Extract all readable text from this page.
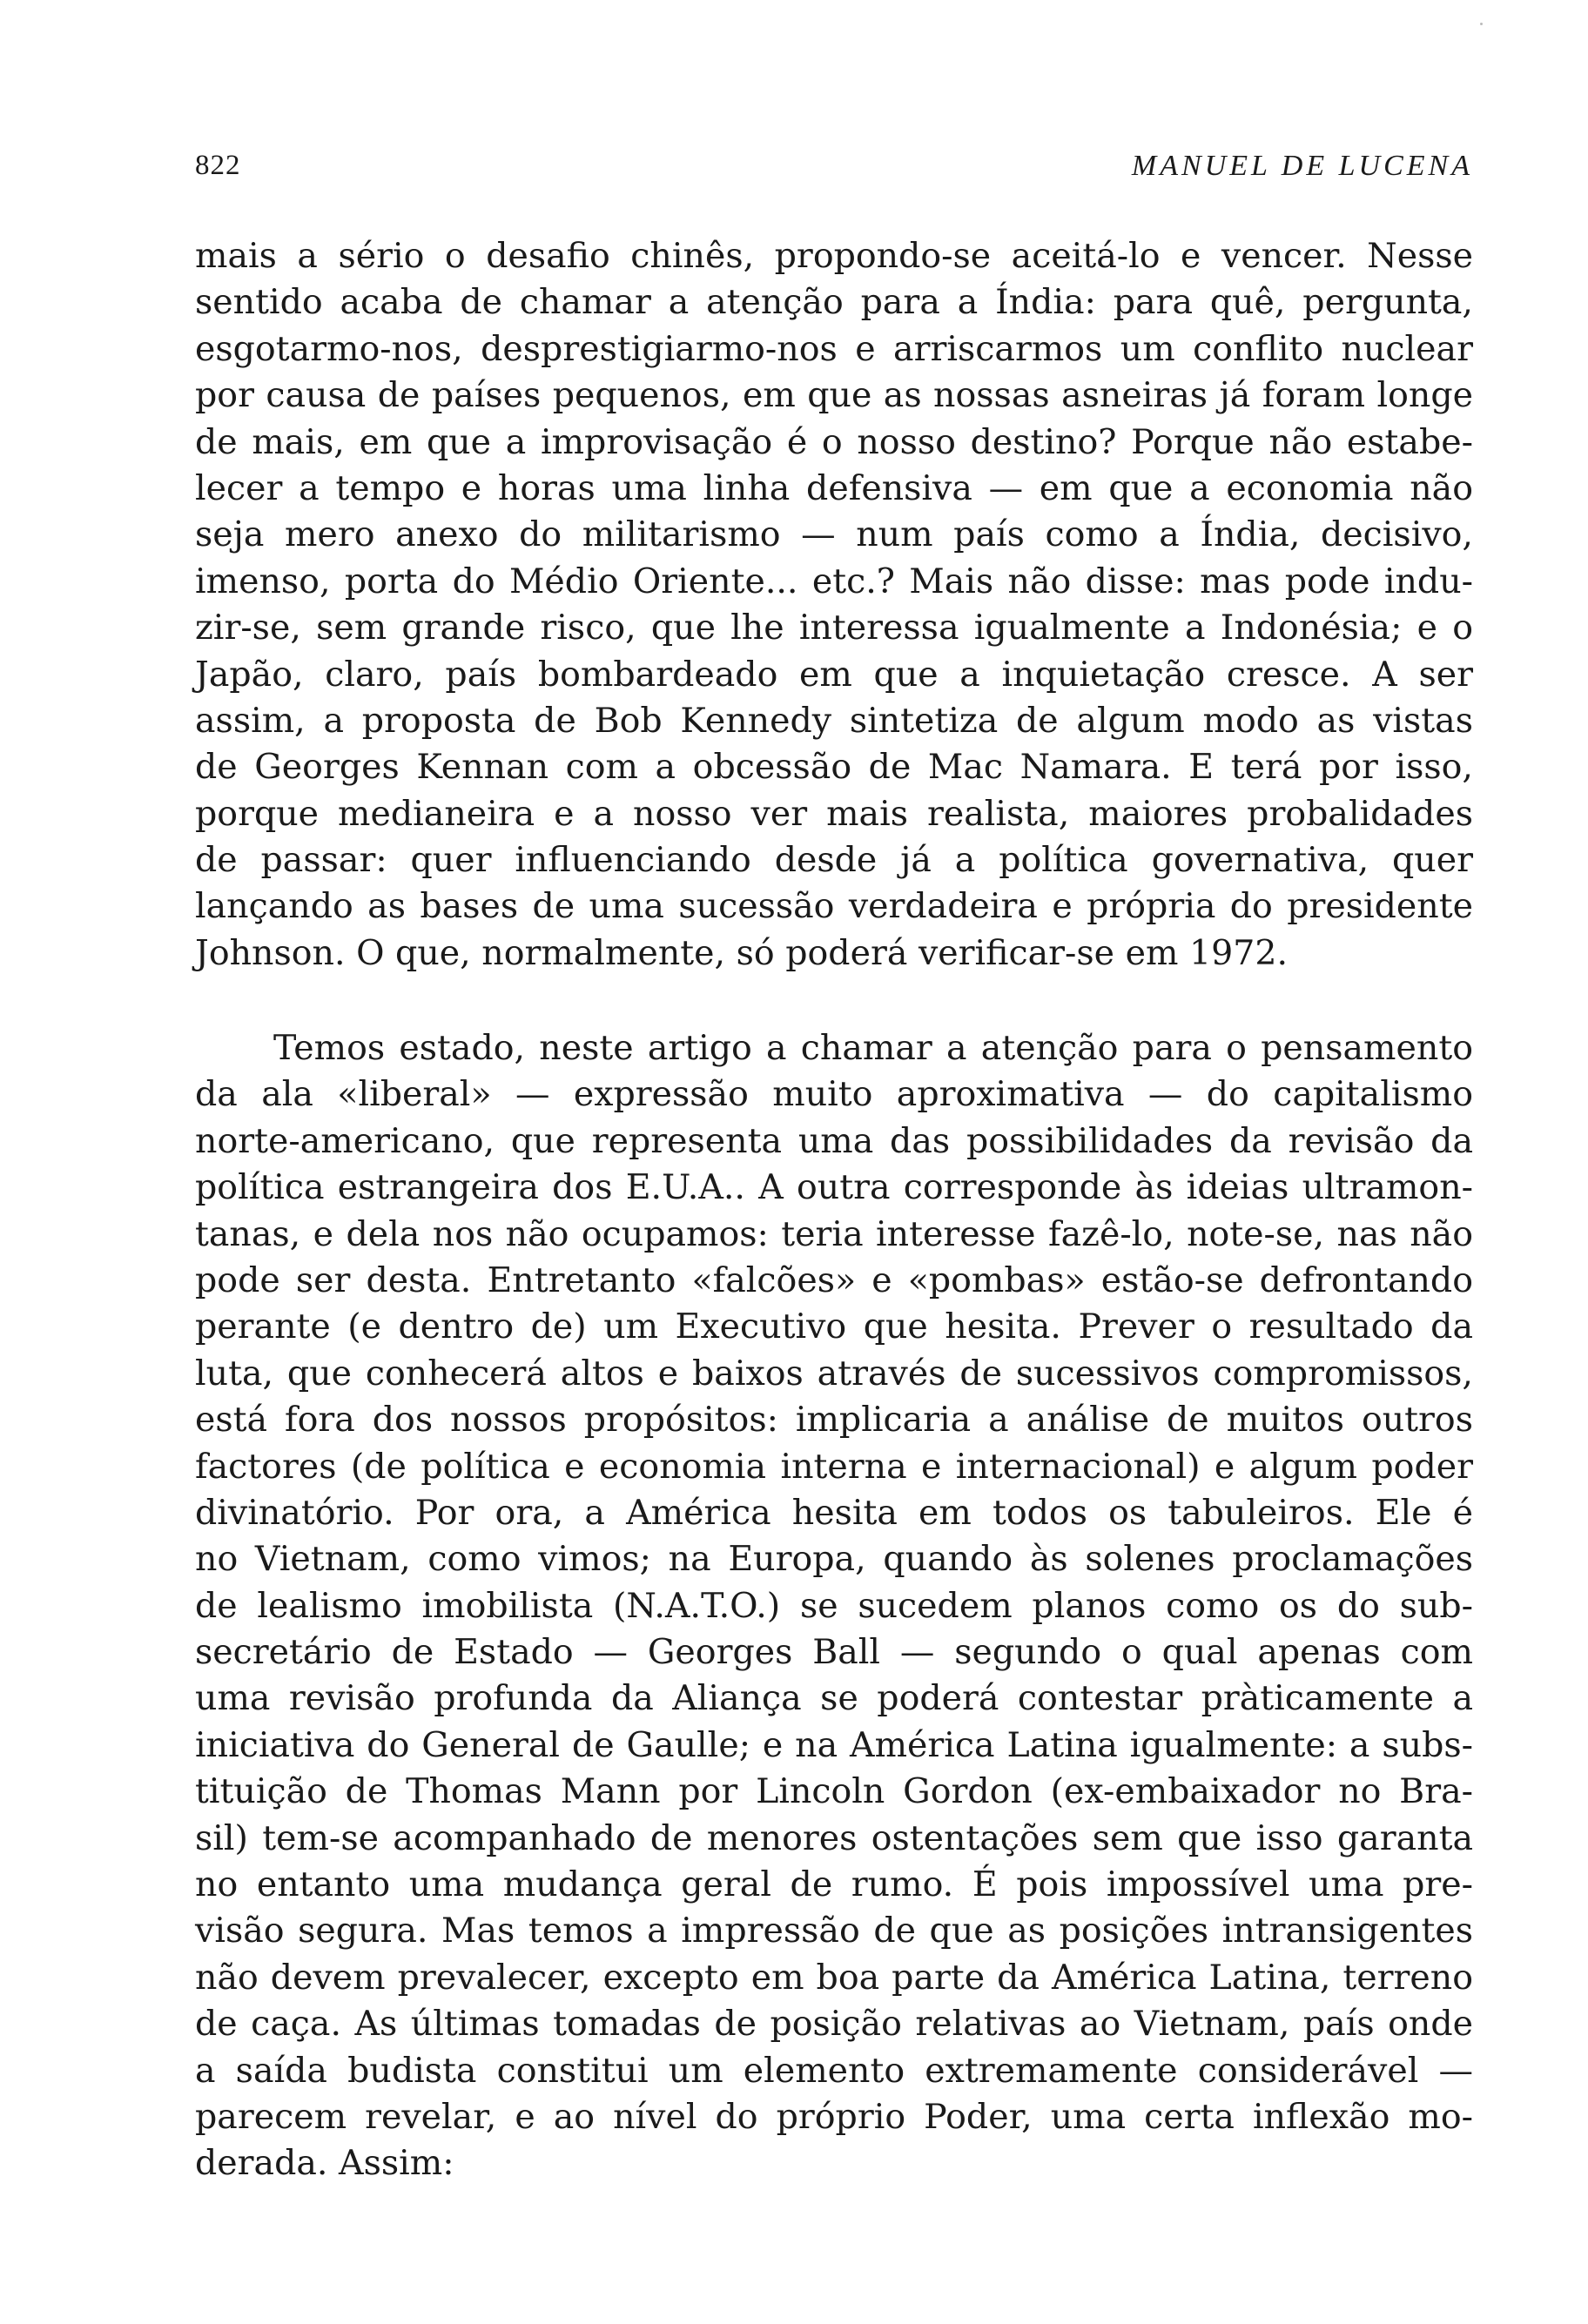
822	MANUEL DE LUCENA
mais a sério o desafio chinês, propondo-se aceitá-lo e vencer. Nesse
sentido acaba de chamar a atenção para a Índia: para quê, pergunta,
esgotarmo-nos, desprestigiarmo-nos e arriscarmos um conflito nuclear
por causa de países pequenos, em que as nossas asneiras já foram longe
de mais, em que a improvisação é o nosso destino? Porque não estabe-
lecer a tempo e horas uma linha defensiva — em que a economia não
seja mero anexo do militarismo — num país como a Índia, decisivo,
imenso, porta do Médio Oriente... etc.? Mais não disse: mas pode indu-
zir-se, sem grande risco, que lhe interessa igualmente a Indonésia; e o
Japão, claro, país bombardeado em que a inquietação cresce. A ser
assim, a proposta de Bob Kennedy sintetiza de algum modo as vistas
de Georges Kennan com a obcessão de Mac Namara. E terá por isso,
porque medianeira e a nosso ver mais realista, maiores probalidades
de passar: quer influenciando desde já a política governativa, quer
lançando as bases de uma sucessão verdadeira e própria do presidente
Johnson. O que, normalmente, só poderá verificar-se em 1972.
Temos estado, neste artigo a chamar a atenção para o pensamento
da ala «liberal» — expressão muito aproximativa — do capitalismo
norte-americano, que representa uma das possibilidades da revisão da
política estrangeira dos E.U.A.. A outra corresponde às ideias ultramon-
tanas, e dela nos não ocupamos: teria interesse fazê-lo, note-se, nas não
pode ser desta. Entretanto «falcões» e «pombas» estão-se defrontando
perante (e dentro de) um Executivo que hesita. Prever o resultado da
luta, que conhecerá altos e baixos através de sucessivos compromissos,
está fora dos nossos propósitos: implicaria a análise de muitos outros
factores (de política e economia interna e internacional) e algum poder
divinatório. Por ora, a América hesita em todos os tabuleiros. Ele é
no Vietnam, como vimos; na Europa, quando às solenes proclamações
de lealismo imobilista (N.A.T.O.) se sucedem planos como os do sub-
secretário de Estado — Georges Ball — segundo o qual apenas com
uma revisão profunda da Aliança se poderá contestar pràticamente a
iniciativa do General de Gaulle; e na América Latina igualmente: a subs-
tituição de Thomas Mann por Lincoln Gordon (ex-embaixador no Bra-
sil) tem-se acompanhado de menores ostentações sem que isso garanta
no entanto uma mudança geral de rumo. É pois impossível uma pre-
visão segura. Mas temos a impressão de que as posições intransigentes
não devem prevalecer, excepto em boa parte da América Latina, terreno
de caça. As últimas tomadas de posição relativas ao Vietnam, país onde
a saída budista constitui um elemento extremamente considerável —
parecem revelar, e ao nível do próprio Poder, uma certa inflexão mo-
derada. Assim:
